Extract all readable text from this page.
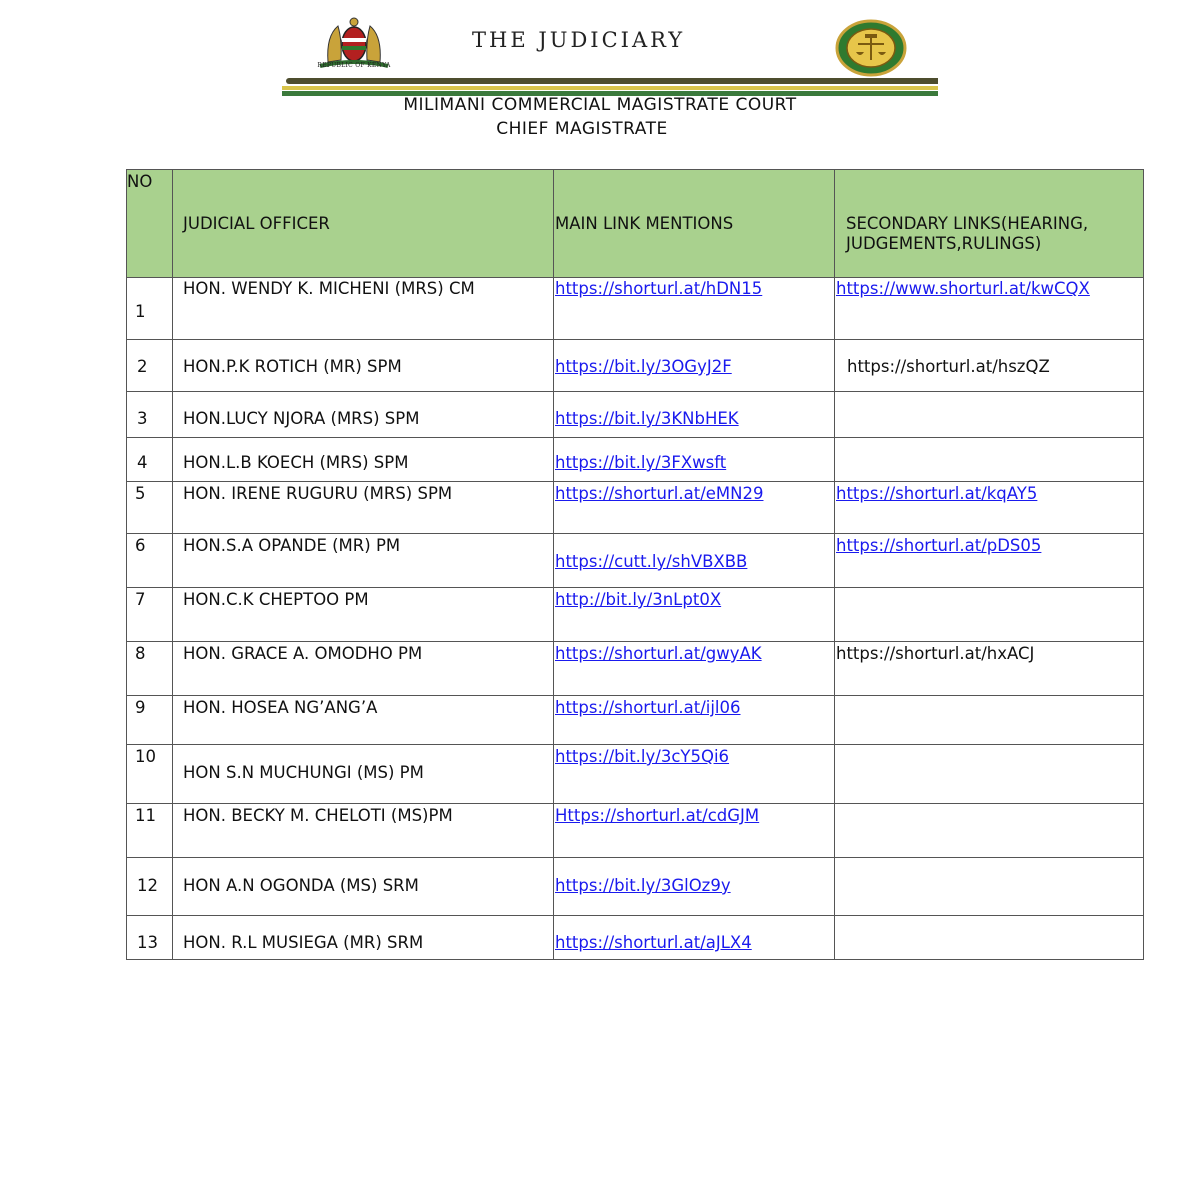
REPUBLIC OF KENYA
THE JUDICIARY
MILIMANI COMMERCIAL MAGISTRATE COURT
CHIEF MAGISTRATE
NO	JUDICIAL OFFICER	MAIN LINK MENTIONS	SECONDARY LINKS(HEARING, JUDGEMENTS,RULINGS)

1	HON. WENDY K. MICHENI (MRS) CM	https://shorturl.at/hDN15	https://www.shorturl.at/kwCQX

2	HON.P.K ROTICH (MR) SPM	https://bit.ly/3OGyJ2F	https://shorturl.at/hszQZ

3	HON.LUCY NJORA (MRS) SPM	https://bit.ly/3KNbHEK	

4	HON.L.B KOECH (MRS) SPM	https://bit.ly/3FXwsft	

5	HON. IRENE RUGURU (MRS) SPM	https://shorturl.at/eMN29	https://shorturl.at/kqAY5

6	HON.S.A OPANDE (MR) PM	https://cutt.ly/shVBXBB	https://shorturl.at/pDS05

7	HON.C.K CHEPTOO PM	http://bit.ly/3nLpt0X	

8	HON. GRACE A. OMODHO PM	https://shorturl.at/gwyAK	https://shorturl.at/hxACJ

9	HON. HOSEA NG’ANG’A	https://shorturl.at/ijl06	

10	HON S.N MUCHUNGI (MS) PM	https://bit.ly/3cY5Qi6	

11	HON. BECKY M. CHELOTI (MS)PM	Https://shorturl.at/cdGJM	

12	HON A.N OGONDA (MS) SRM	https://bit.ly/3GlOz9y	

13	HON. R.L MUSIEGA (MR) SRM	https://shorturl.at/aJLX4	
